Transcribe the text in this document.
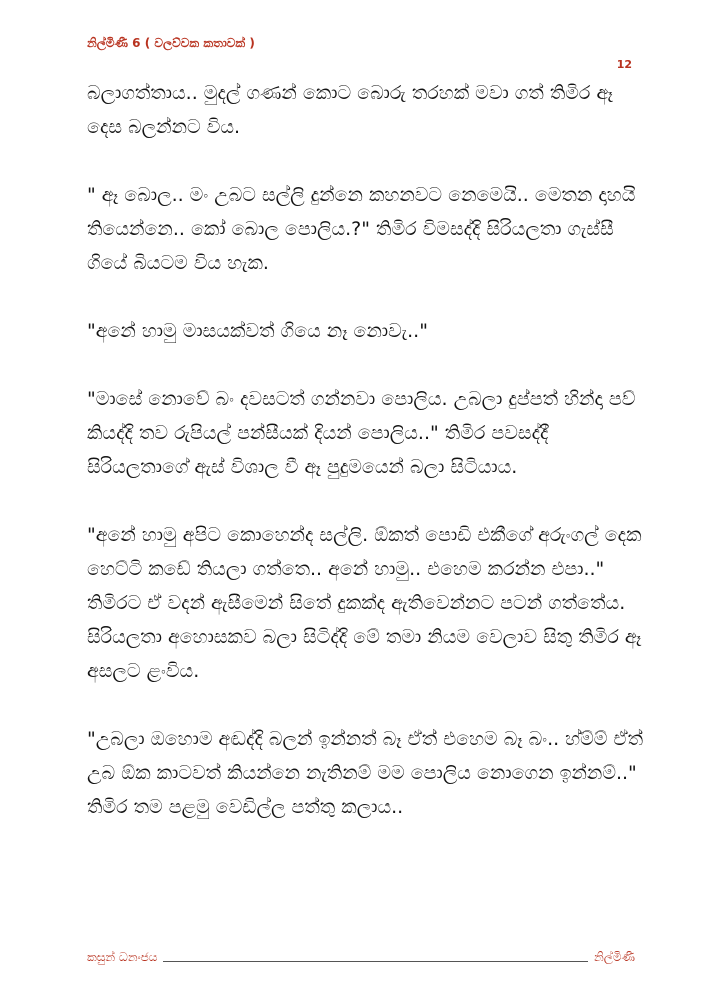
නිල්මිණී 6 ( වලව්වක කතාවක් )
12

බලාගත්තාය.. මුදල් ගණන් කොට බොරු තරහක් මවා ගත් තිමිර ඈ දෙස බලන්නට විය.

" ඈ බොල.. මං උබට සල්ලි දුන්නෙ කහනවට නෙමෙයි.. මෙතන දාහයි තියෙන්නෙ.. කෝ බොල පොලිය.?" තිමිර විමසද්දි සිරියලතා ගැස්සී ගියේ බියටම විය හැක.

"අනේ හාමු මාසයක්වත් ගියෙ නෑ නොවැ.."

"මාසේ නොවේ බං දවසටත් ගන්නවා පොලිය. උබලා දුප්පත් හින්දා පව් කියද්දි තව රුපියල් පන්සීයක් දියන් පොලිය.." තිමිර පවසද්දී සිරියලතාගේ ඇස් විශාල වී ඈ පුදුමයෙන් බලා සිටියාය.

"අනේ හාමු අපිට කොහෙන්ද සල්ලි. ඕකත් පොඩි එකීගේ අරුංගල් දෙක හෙට්ටි කඩේ තියලා ගත්තෙ.. අනේ හාමු.. එහෙම කරන්න එපා.." තිමිරට ඒ වදන් ඇසීමෙන් සිතේ දුකක්ද ඇතිවෙන්නට පටන් ගත්තේය. සිරියලතා අහොසකව බලා සිටිද්දි මේ තමා නියම වෙලාව සිතු තිමිර ඈ අසලට ළංවිය.

"උබලා ඔහොම අඬද්දි බලන් ඉන්නත් බෑ ඒත් එහෙම බෑ බං.. හ්ම්ම් ඒත් උබ ඕක කාටවත් කියන්නෙ නැතිනම් මම පොලිය නොගෙන ඉන්නම්.." තිමිර තම පළමු වෙඩිල්ල පත්තු කලාය..

කසුන් ධනංජය	නිල්මිණී
